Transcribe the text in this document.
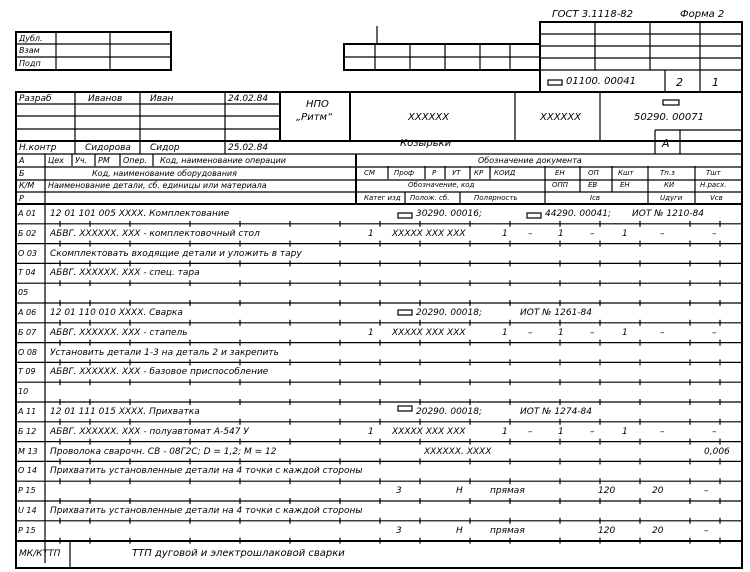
ГОСТ 3.1118-82	Форма 2
Дубл.
Взам
Подп
01100. 00041	2	1
Разраб	Иванов	Иван	24.02.84
Н.контр	Сидорова Сидор	25.02.84
НПО
„Ритм“	XXXXXX	XXXXXX	50290. 00071
Козырьки	А
А
Б
К/М
Р
Цех Уч. РМ Опер. Код, наименование операции
Код, наименование оборудования
Наименование детали, сб. единицы или материала
Обозначение документа
СМ	Проф	Р УТ КР КОИД	ЕН	ОП	Кшт	Тп.з	Тшт
Обозначение, код	ОПП	ЕВ	ЕН	КИ	Н.расх.
Катег изд Полож. сб.	Полярность	Iсв	Uдуги	Vсв
А 01 12 01 101 005 XXXX. Комплектование	30290. 00016;	44290. 00041; ИОТ № 1210-84
Б 02 АБВГ. XXXXXX. XXX - комплектовочный стол	1 XXXXX XXX XXX	1 –	1	–	1	–	–
О 03 Скомплектовать входящие детали и уложить в тару
Т 04 АБВГ. XXXXXX. XXX - спец. тара
05
А 06 12 01 110 010 XXXX. Сварка	20290. 00018;	ИОТ № 1261-84
Б 07 АБВГ. XXXXXX. XXX - стапель	1 XXXXX XXX XXX	1 –	1	–	1	–	–
О 08 Установить детали 1-3 на деталь 2 и закрепить
Т 09 АБВГ. XXXXXX. XXX - базовое приспособление
10
А 11 12 01 111 015 XXXX. Прихватка	20290. 00018;	ИОТ № 1274-84
Б 12 АБВГ. XXXXXX. XXX - полуавтомат А-547 У	1 XXXXX XXX XXX	1 –	1	–	1	–	–
М 13 Проволока сварочн. СВ - 08Г2С; D = 1,2; М = 12	XXXXXX. XXXX	0,006
О 14 Прихватить установленные детали на 4 точки с каждой стороны
Р 15	3	Н	прямая	120	20	–
U 14 Прихватить установленные детали на 4 точки с каждой стороны
Р 15	3	Н	прямая	120	20	–
МК/КТТП	ТТП дуговой и электрошлаковой сварки
